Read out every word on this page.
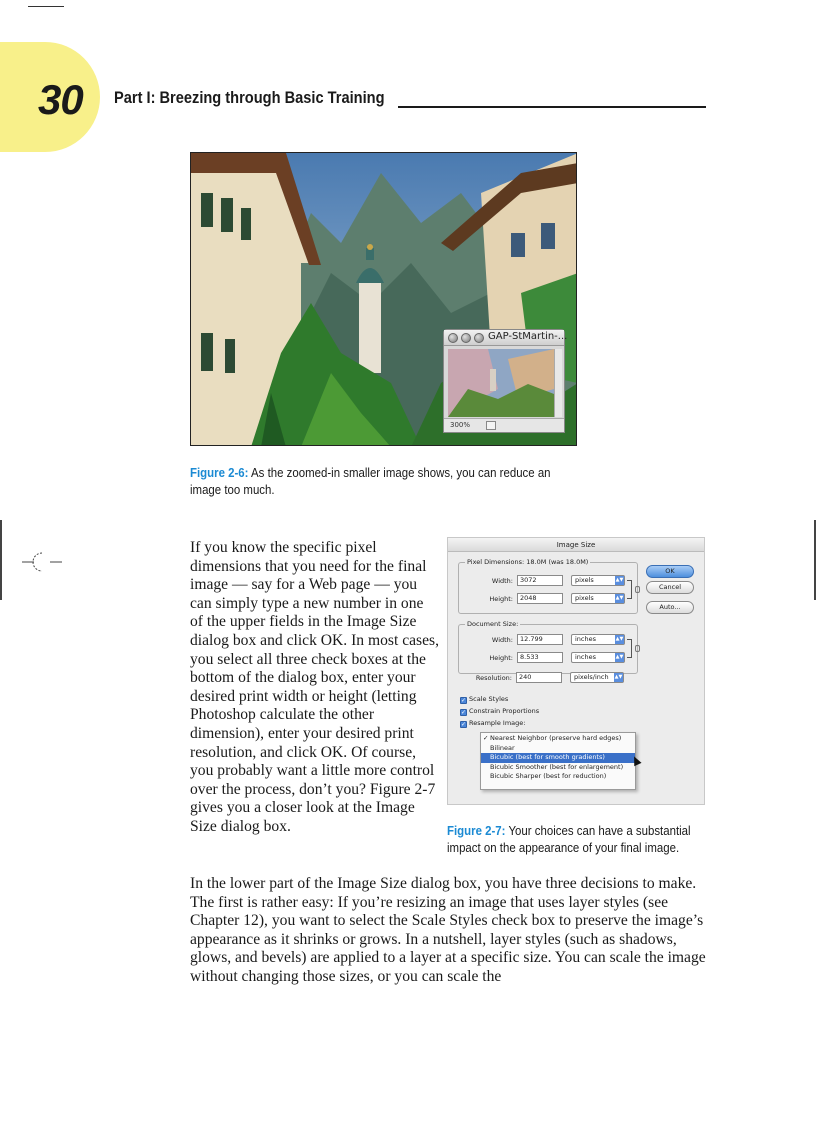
30 Part I: Breezing through Basic Training
GAP-StMartin-...
300%
Figure 2-6: As the zoomed-in smaller image shows, you can reduce an image too much.
If you know the specific pixel dimensions that you need for the final image — say for a Web page — you can simply type a new number in one of the upper fields in the Image Size dialog box and click OK. In most cases, you select all three check boxes at the bottom of the dialog box, enter your desired print width or height (letting Photoshop calculate the other dimension), enter your desired print resolution, and click OK. Of course, you probably want a little more control over the process, don’t you? Figure 2-7 gives you a closer look at the Image Size dialog box.
Image Size
Pixel Dimensions: 18.0M (was 18.0M)
Width:	3072	pixels	▲▼
Height:	2048	pixels	▲▼
Document Size:
Width:	12.799	inches	▲▼
Height:	8.533	inches	▲▼
Resolution:	240	pixels/inch ▲▼
OK
Cancel
Auto...
✓ Scale Styles
✓ Constrain Proportions
✓ Resample Image:
✓ Nearest Neighbor (preserve hard edges)
Bilinear
Bicubic (best for smooth gradients)
Bicubic Smoother (best for enlargement)
Bicubic Sharper (best for reduction)
Figure 2-7: Your choices can have a substantial impact on the appearance of your final image.
In the lower part of the Image Size dialog box, you have three decisions to make. The first is rather easy: If you’re resizing an image that uses layer styles (see Chapter 12), you want to select the Scale Styles check box to preserve the image’s appearance as it shrinks or grows. In a nutshell, layer styles (such as shadows, glows, and bevels) are applied to a layer at a specific size. You can scale the image without changing those sizes, or you can scale the
